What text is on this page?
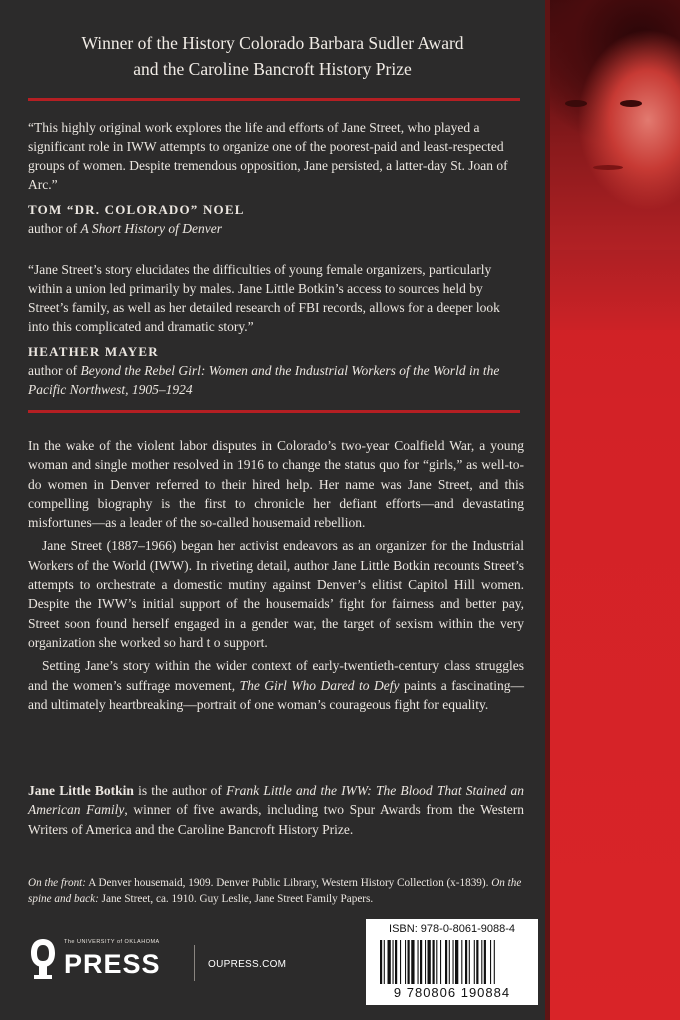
Winner of the History Colorado Barbara Sudler Award
and the Caroline Bancroft History Prize

“This highly original work explores the life and efforts of Jane Street, who played a significant role in IWW attempts to organize one of the poorest-paid and least-respected groups of women. Despite tremendous opposition, Jane persisted, a latter-day St. Joan of Arc.”

TOM “DR. COLORADO” NOEL

author of A Short History of Denver

“Jane Street’s story elucidates the difficulties of young female organizers, particularly within a union led primarily by males. Jane Little Botkin’s access to sources held by Street’s family, as well as her detailed research of FBI records, allows for a deeper look into this complicated and dramatic story.”

HEATHER MAYER

author of Beyond the Rebel Girl: Women and the Industrial Workers of the World in the Pacific Northwest, 1905–1924

In the wake of the violent labor disputes in Colorado’s two-year Coalfield War, a young woman and single mother resolved in 1916 to change the status quo for “girls,” as well-to-do women in Denver referred to their hired help. Her name was Jane Street, and this compelling biography is the first to chronicle her defiant efforts—and devastating misfortunes—as a leader of the so-called housemaid rebellion.

Jane Street (1887–1966) began her activist endeavors as an organizer for the Industrial Workers of the World (IWW). In riveting detail, author Jane Little Botkin recounts Street’s attempts to orchestrate a domestic mutiny against Denver’s elitist Capitol Hill women. Despite the IWW’s initial support of the housemaids’ fight for fairness and better pay, Street soon found herself engaged in a gender war, the target of sexism within the very organization she worked so hard t o support.

Setting Jane’s story within the wider context of early-twentieth-century class struggles and the women’s suffrage movement, The Girl Who Dared to Defy paints a fascinating—and ultimately heartbreaking—portrait of one woman’s courageous fight for equality.

Jane Little Botkin is the author of Frank Little and the IWW: The Blood That Stained an American Family, winner of five awards, including two Spur Awards from the Western Writers of America and the Caroline Bancroft History Prize.
On the front: A Denver housemaid, 1909. Denver Public Library, Western History Collection (x-1839). On the spine and back: Jane Street, ca. 1910. Guy Leslie, Jane Street Family Papers.
The UNIVERSITY of OKLAHOMA
PRESS	OUPRESS.COM
ISBN: 978-0-8061-9088-4
9 780806 190884
